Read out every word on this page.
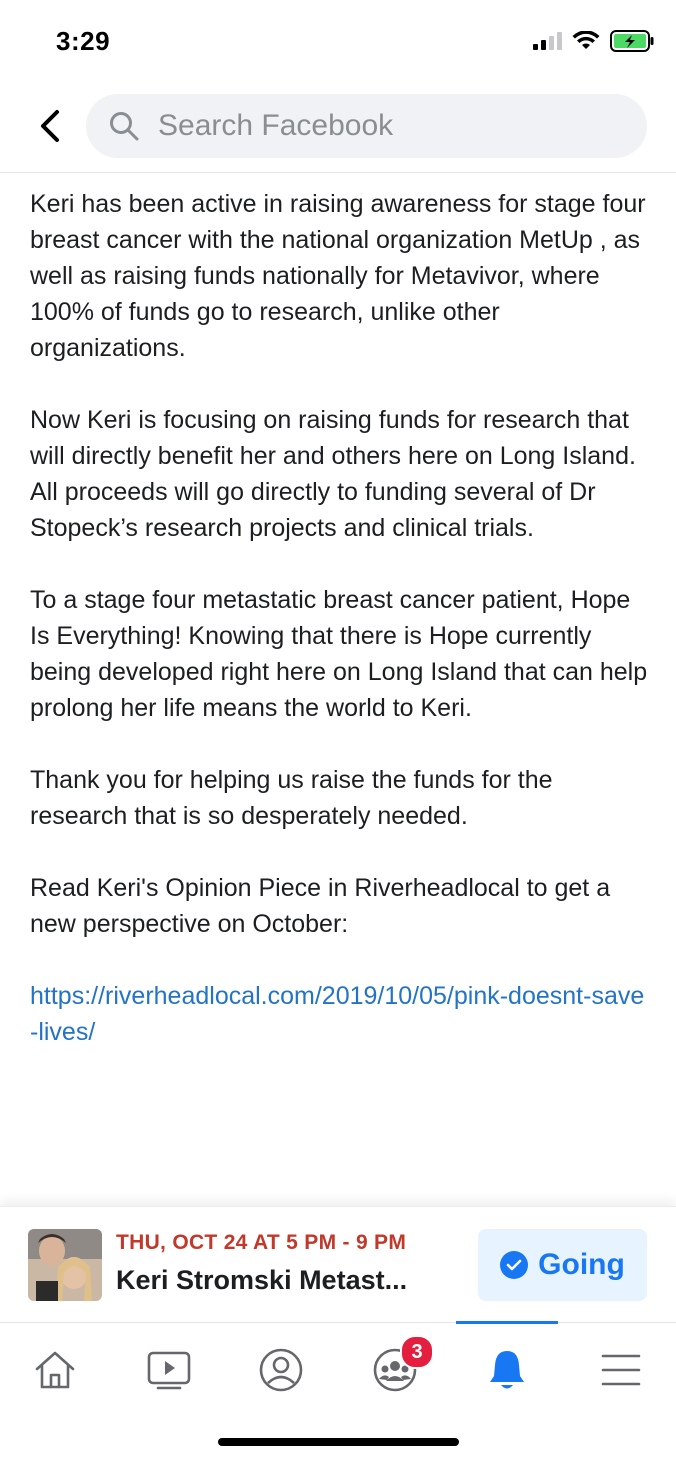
3:29
Search Facebook

Keri has been active in raising awareness for stage four breast cancer with the national organization MetUp , as well as raising funds nationally for Metavivor, where 100% of funds go to research, unlike other organizations.

Now Keri is focusing on raising funds for research that will directly benefit her and others here on Long Island. All proceeds will go directly to funding several of Dr Stopeck’s research projects and clinical trials.

To a stage four metastatic breast cancer patient, Hope Is Everything! Knowing that there is Hope currently being developed right here on Long Island that can help prolong her life means the world to Keri.

Thank you for helping us raise the funds for the research that is so desperately needed.

Read Keri's Opinion Piece in Riverheadlocal to get a new perspective on October:

https://riverheadlocal.com/2019/10/05/pink-doesnt-save-lives/

THU, OCT 24 AT 5 PM - 9 PM
Keri Stromski Metast...	Going
3
